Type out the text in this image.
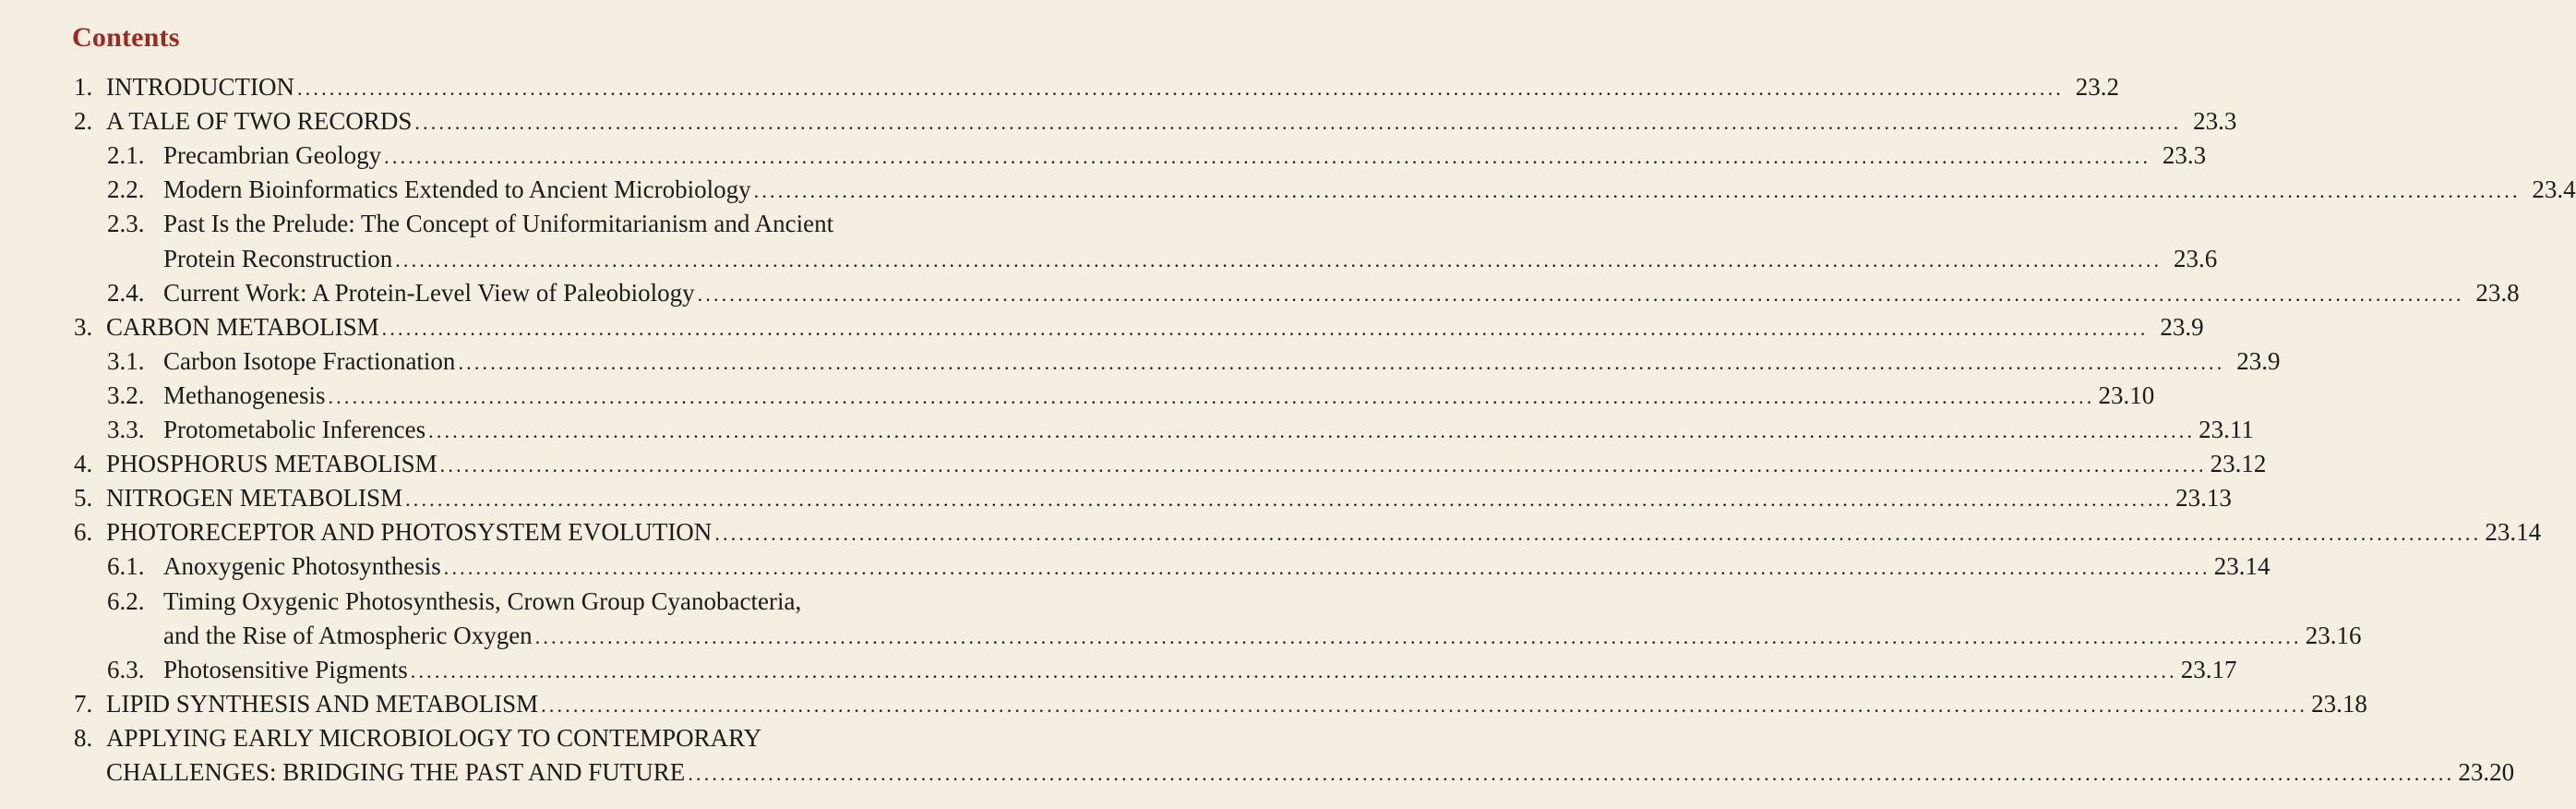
Contents
1. INTRODUCTION ............................................................................................................................................................................................................................ 23.2
2. A TALE OF TWO RECORDS ............................................................................................................................................................................................................................ 23.3
2.1. Precambrian Geology ............................................................................................................................................................................................................................ 23.3
2.2. Modern Bioinformatics Extended to Ancient Microbiology ............................................................................................................................................................................................................................ 23.4
2.3. Past Is the Prelude: The Concept of Uniformitarianism and Ancient
Protein Reconstruction ............................................................................................................................................................................................................................ 23.6
2.4. Current Work: A Protein-Level View of Paleobiology ............................................................................................................................................................................................................................ 23.8
3. CARBON METABOLISM ............................................................................................................................................................................................................................ 23.9
3.1. Carbon Isotope Fractionation ............................................................................................................................................................................................................................ 23.9
3.2. Methanogenesis ............................................................................................................................................................................................................................ 23.10
3.3. Protometabolic Inferences ............................................................................................................................................................................................................................ 23.11
4. PHOSPHORUS METABOLISM ............................................................................................................................................................................................................................ 23.12
5. NITROGEN METABOLISM ............................................................................................................................................................................................................................ 23.13
6. PHOTORECEPTOR AND PHOTOSYSTEM EVOLUTION ............................................................................................................................................................................................................................ 23.14
6.1. Anoxygenic Photosynthesis ............................................................................................................................................................................................................................ 23.14
6.2. Timing Oxygenic Photosynthesis, Crown Group Cyanobacteria,
and the Rise of Atmospheric Oxygen ............................................................................................................................................................................................................................ 23.16
6.3. Photosensitive Pigments ............................................................................................................................................................................................................................ 23.17
7. LIPID SYNTHESIS AND METABOLISM ............................................................................................................................................................................................................................ 23.18
8. APPLYING EARLY MICROBIOLOGY TO CONTEMPORARY
CHALLENGES: BRIDGING THE PAST AND FUTURE ............................................................................................................................................................................................................................ 23.20
